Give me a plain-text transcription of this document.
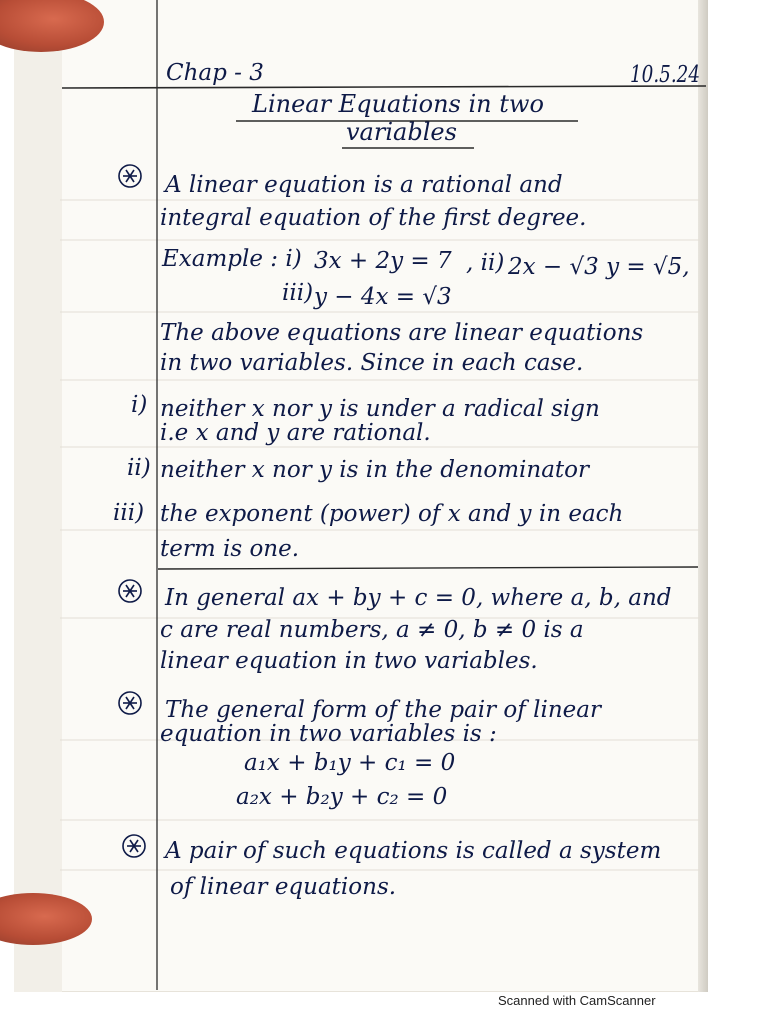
Chap - 3	10.5.24
Linear Equations in two
variables
A linear equation is a rational and
integral equation of the first degree.
Example : i) 3x + 2y = 7 , ii) 2x − √3 y = √5,
iii) y − 4x = √3
The above equations are linear equations
in two variables. Since in each case.
i) neither x nor y is under a radical sign
i.e x and y are rational.
ii) neither x nor y is in the denominator
iii) the exponent (power) of x and y in each
term is one.
In general ax + by + c = 0, where a, b, and
c are real numbers, a ≠ 0, b ≠ 0 is a
linear equation in two variables.
The general form of the pair of linear
equation in two variables is :
a₁x + b₁y + c₁ = 0
a₂x + b₂y + c₂ = 0
A pair of such equations is called a system
of linear equations.
Scanned with CamScanner
